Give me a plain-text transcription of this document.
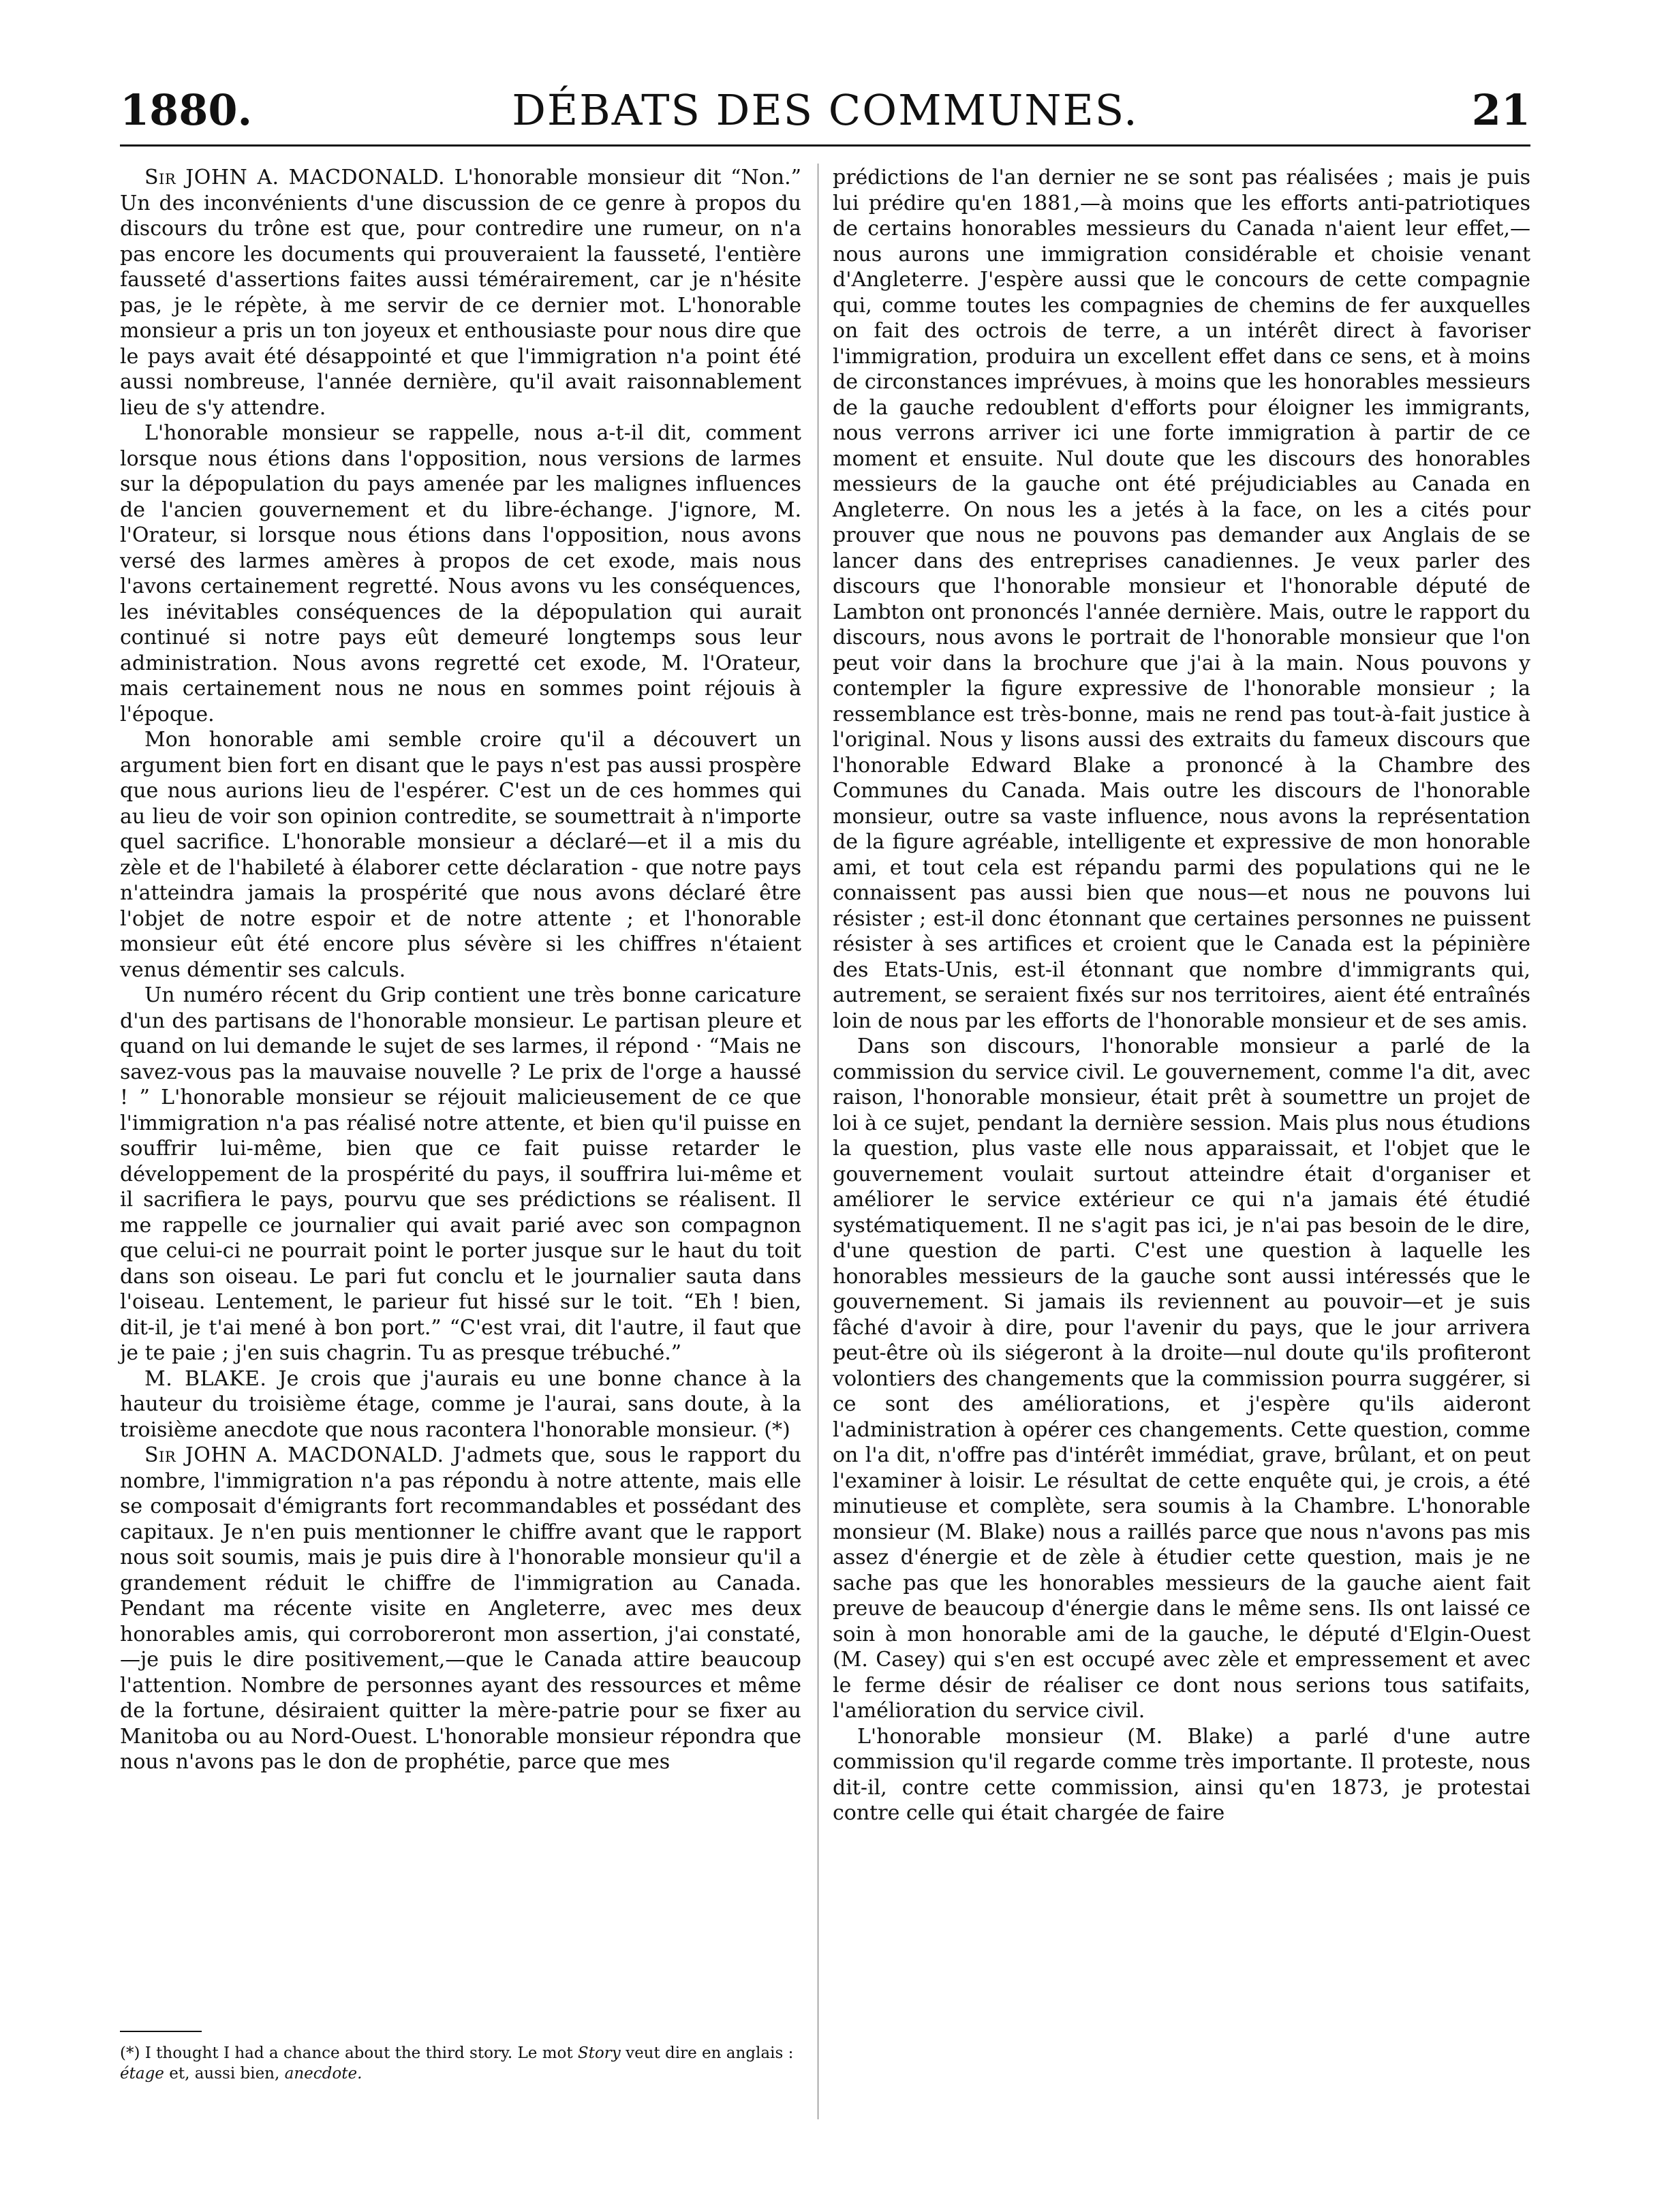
1880.	DÉBATS DES COMMUNES.	21

Sir JOHN A. MACDONALD. L'honorable monsieur dit “Non.” Un des inconvénients d'une discussion de ce genre à propos du discours du trône est que, pour contredire une rumeur, on n'a pas encore les documents qui prouveraient la fausseté, l'entière fausseté d'assertions faites aussi témérairement, car je n'hésite pas, je le répète, à me servir de ce dernier mot. L'honorable monsieur a pris un ton joyeux et enthousiaste pour nous dire que le pays avait été désappointé et que l'immigration n'a point été aussi nombreuse, l'année dernière, qu'il avait raisonnablement lieu de s'y attendre.

L'honorable monsieur se rappelle, nous a-t-il dit, comment lorsque nous étions dans l'opposition, nous versions de larmes sur la dépopulation du pays amenée par les malignes influences de l'ancien gouvernement et du libre-échange. J'ignore, M. l'Orateur, si lorsque nous étions dans l'opposition, nous avons versé des larmes amères à propos de cet exode, mais nous l'avons certainement regretté. Nous avons vu les conséquences, les inévitables conséquences de la dépopulation qui aurait continué si notre pays eût demeuré longtemps sous leur administration. Nous avons regretté cet exode, M. l'Orateur, mais certainement nous ne nous en sommes point réjouis à l'époque.

Mon honorable ami semble croire qu'il a découvert un argument bien fort en disant que le pays n'est pas aussi prospère que nous aurions lieu de l'espérer. C'est un de ces hommes qui au lieu de voir son opinion contredite, se soumettrait à n'importe quel sacrifice. L'honorable monsieur a déclaré—et il a mis du zèle et de l'habileté à élaborer cette déclaration - que notre pays n'atteindra jamais la prospérité que nous avons déclaré être l'objet de notre espoir et de notre attente ; et l'honorable monsieur eût été encore plus sévère si les chiffres n'étaient venus démentir ses calculs.

Un numéro récent du Grip contient une très bonne caricature d'un des partisans de l'honorable monsieur. Le partisan pleure et quand on lui demande le sujet de ses larmes, il répond · “Mais ne savez-vous pas la mauvaise nouvelle ? Le prix de l'orge a haussé ! ” L'honorable monsieur se réjouit malicieusement de ce que l'immigration n'a pas réalisé notre attente, et bien qu'il puisse en souffrir lui-même, bien que ce fait puisse retarder le développement de la prospérité du pays, il souffrira lui-même et il sacrifiera le pays, pourvu que ses prédictions se réalisent. Il me rappelle ce journalier qui avait parié avec son compagnon que celui-ci ne pourrait point le porter jusque sur le haut du toit dans son oiseau. Le pari fut conclu et le journalier sauta dans l'oiseau. Lentement, le parieur fut hissé sur le toit. “Eh ! bien, dit-il, je t'ai mené à bon port.” “C'est vrai, dit l'autre, il faut que je te paie ; j'en suis chagrin. Tu as presque trébuché.”

M. BLAKE. Je crois que j'aurais eu une bonne chance à la hauteur du troisième étage, comme je l'aurai, sans doute, à la troisième anecdote que nous racontera l'honorable monsieur. (*)

Sir JOHN A. MACDONALD. J'admets que, sous le rapport du nombre, l'immigration n'a pas répondu à notre attente, mais elle se composait d'émigrants fort recommandables et possédant des capitaux. Je n'en puis mentionner le chiffre avant que le rapport nous soit soumis, mais je puis dire à l'honorable monsieur qu'il a grandement réduit le chiffre de l'immigration au Canada. Pendant ma récente visite en Angleterre, avec mes deux honorables amis, qui corroboreront mon assertion, j'ai constaté,—je puis le dire positivement,—que le Canada attire beaucoup l'attention. Nombre de personnes ayant des ressources et même de la fortune, désiraient quitter la mère-patrie pour se fixer au Manitoba ou au Nord-Ouest. L'honorable monsieur répondra que nous n'avons pas le don de prophétie, parce que mes

prédictions de l'an dernier ne se sont pas réalisées ; mais je puis lui prédire qu'en 1881,—à moins que les efforts anti-patriotiques de certains honorables messieurs du Canada n'aient leur effet,—nous aurons une immigration considérable et choisie venant d'Angleterre. J'espère aussi que le concours de cette compagnie qui, comme toutes les compagnies de chemins de fer auxquelles on fait des octrois de terre, a un intérêt direct à favoriser l'immigration, produira un excellent effet dans ce sens, et à moins de circonstances imprévues, à moins que les honorables messieurs de la gauche redoublent d'efforts pour éloigner les immigrants, nous verrons arriver ici une forte immigration à partir de ce moment et ensuite. Nul doute que les discours des honorables messieurs de la gauche ont été préjudiciables au Canada en Angleterre. On nous les a jetés à la face, on les a cités pour prouver que nous ne pouvons pas demander aux Anglais de se lancer dans des entreprises canadiennes. Je veux parler des discours que l'honorable monsieur et l'honorable député de Lambton ont prononcés l'année dernière. Mais, outre le rapport du discours, nous avons le portrait de l'honorable monsieur que l'on peut voir dans la brochure que j'ai à la main. Nous pouvons y contempler la figure expressive de l'honorable monsieur ; la ressemblance est très-bonne, mais ne rend pas tout-à-fait justice à l'original. Nous y lisons aussi des extraits du fameux discours que l'honorable Edward Blake a prononcé à la Chambre des Communes du Canada. Mais outre les discours de l'honorable monsieur, outre sa vaste influence, nous avons la représentation de la figure agréable, intelligente et expressive de mon honorable ami, et tout cela est répandu parmi des populations qui ne le connaissent pas aussi bien que nous—et nous ne pouvons lui résister ; est-il donc étonnant que certaines personnes ne puissent résister à ses artifices et croient que le Canada est la pépinière des Etats-Unis, est-il étonnant que nombre d'immigrants qui, autrement, se seraient fixés sur nos territoires, aient été entraînés loin de nous par les efforts de l'honorable monsieur et de ses amis.

Dans son discours, l'honorable monsieur a parlé de la commission du service civil. Le gouvernement, comme l'a dit, avec raison, l'honorable monsieur, était prêt à soumettre un projet de loi à ce sujet, pendant la dernière session. Mais plus nous étudions la question, plus vaste elle nous apparaissait, et l'objet que le gouvernement voulait surtout atteindre était d'organiser et améliorer le service extérieur ce qui n'a jamais été étudié systématiquement. Il ne s'agit pas ici, je n'ai pas besoin de le dire, d'une question de parti. C'est une question à laquelle les honorables messieurs de la gauche sont aussi intéressés que le gouvernement. Si jamais ils reviennent au pouvoir—et je suis fâché d'avoir à dire, pour l'avenir du pays, que le jour arrivera peut-être où ils siégeront à la droite—nul doute qu'ils profiteront volontiers des changements que la commission pourra suggérer, si ce sont des améliorations, et j'espère qu'ils aideront l'administration à opérer ces changements. Cette question, comme on l'a dit, n'offre pas d'intérêt immédiat, grave, brûlant, et on peut l'examiner à loisir. Le résultat de cette enquête qui, je crois, a été minutieuse et complète, sera soumis à la Chambre. L'honorable monsieur (M. Blake) nous a raillés parce que nous n'avons pas mis assez d'énergie et de zèle à étudier cette question, mais je ne sache pas que les honorables messieurs de la gauche aient fait preuve de beaucoup d'énergie dans le même sens. Ils ont laissé ce soin à mon honorable ami de la gauche, le député d'Elgin-Ouest (M. Casey) qui s'en est occupé avec zèle et empressement et avec le ferme désir de réaliser ce dont nous serions tous satifaits, l'amélioration du service civil.

L'honorable monsieur (M. Blake) a parlé d'une autre commission qu'il regarde comme très importante. Il proteste, nous dit-il, contre cette commission, ainsi qu'en 1873, je protestai contre celle qui était chargée de faire

(*) I thought I had a chance about the third story. Le mot Story veut dire en anglais : étage et, aussi bien, anecdote.
